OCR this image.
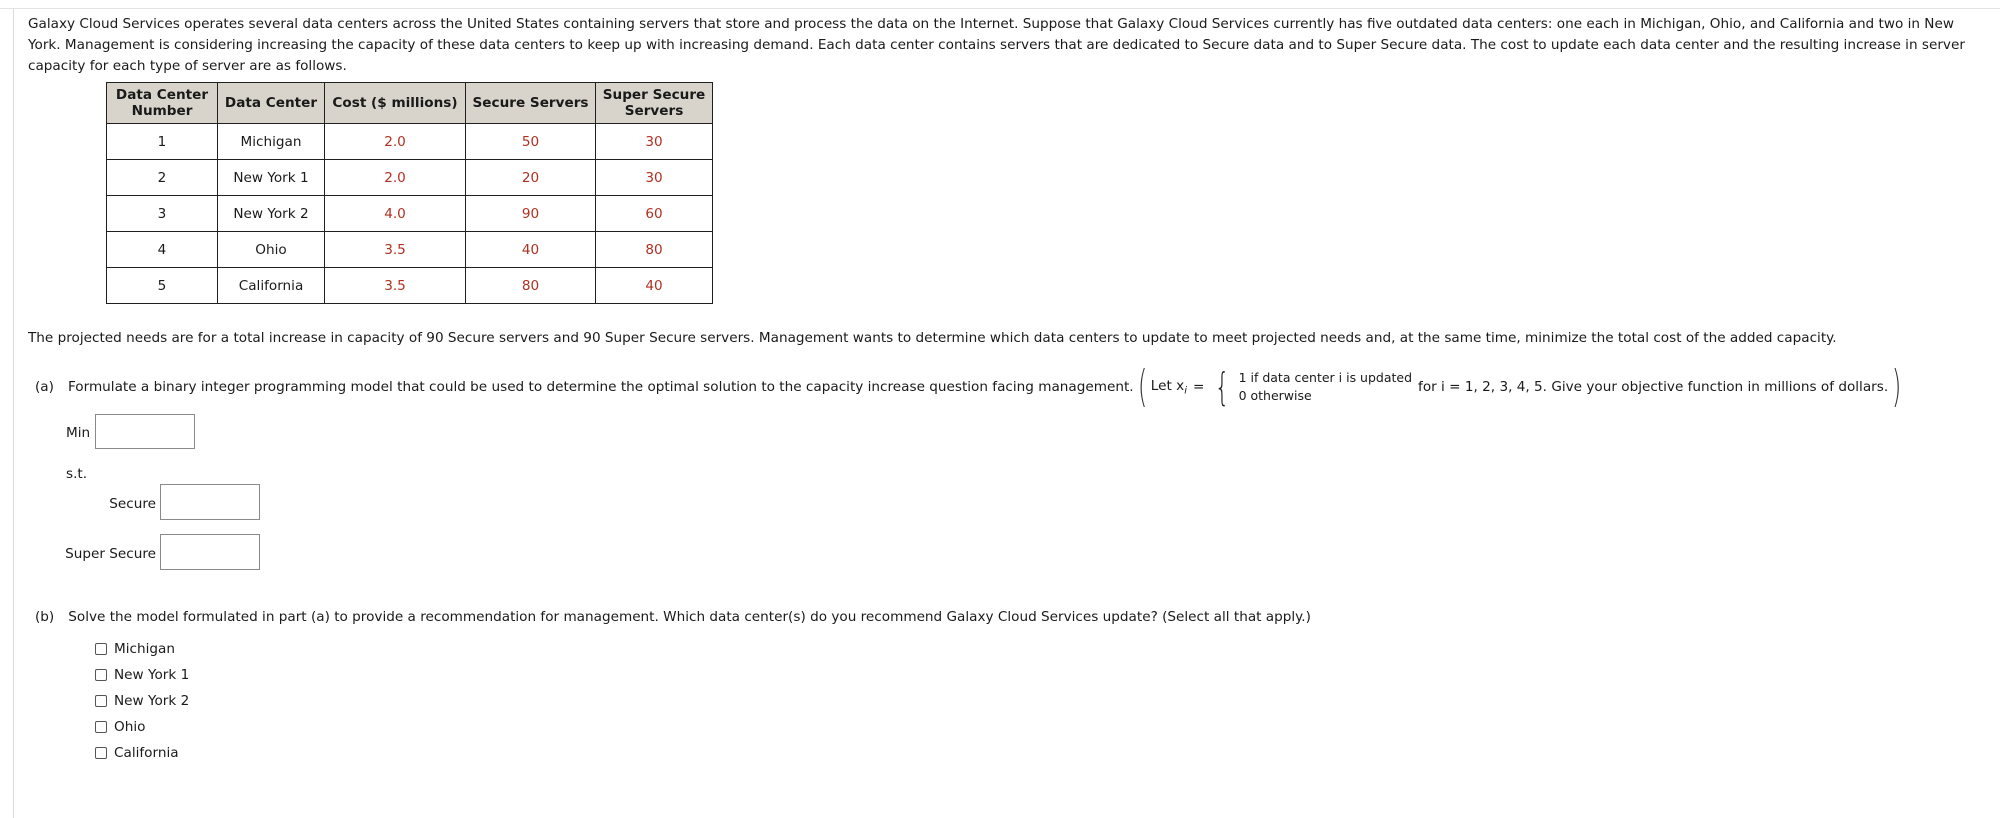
Galaxy Cloud Services operates several data centers across the United States containing servers that store and process the data on the Internet. Suppose that Galaxy Cloud Services currently has five outdated data centers: one each in Michigan, Ohio, and California and two in New York. Management is considering increasing the capacity of these data centers to keep up with increasing demand. Each data center contains servers that are dedicated to Secure data and to Super Secure data. The cost to update each data center and the resulting increase in server capacity for each type of server are as follows.
Data Center Number	Data Center	Cost ($ millions)	Secure Servers	Super Secure Servers
1	Michigan	2.0	50	30
2	New York 1	2.0	20	30
3	New York 2	4.0	90	60
4	Ohio	3.5	40	80
5	California	3.5	80	40
The projected needs are for a total increase in capacity of 90 Secure servers and 90 Super Secure servers. Management wants to determine which data centers to update to meet projected needs and, at the same time, minimize the total cost of the added capacity.
(a) Formulate a binary integer programming model that could be used to determine the optimal solution to the capacity increase question facing management. ( Let $x_i$ = { 1 if data center i is updated
0 otherwise
for i = 1, 2, 3, 4, 5. Give your objective function in millions of dollars. )
Min
s.t.
Secure
Super Secure
(b) Solve the model formulated in part (a) to provide a recommendation for management. Which data center(s) do you recommend Galaxy Cloud Services update? (Select all that apply.)
Michigan
New York 1
New York 2
Ohio
California
